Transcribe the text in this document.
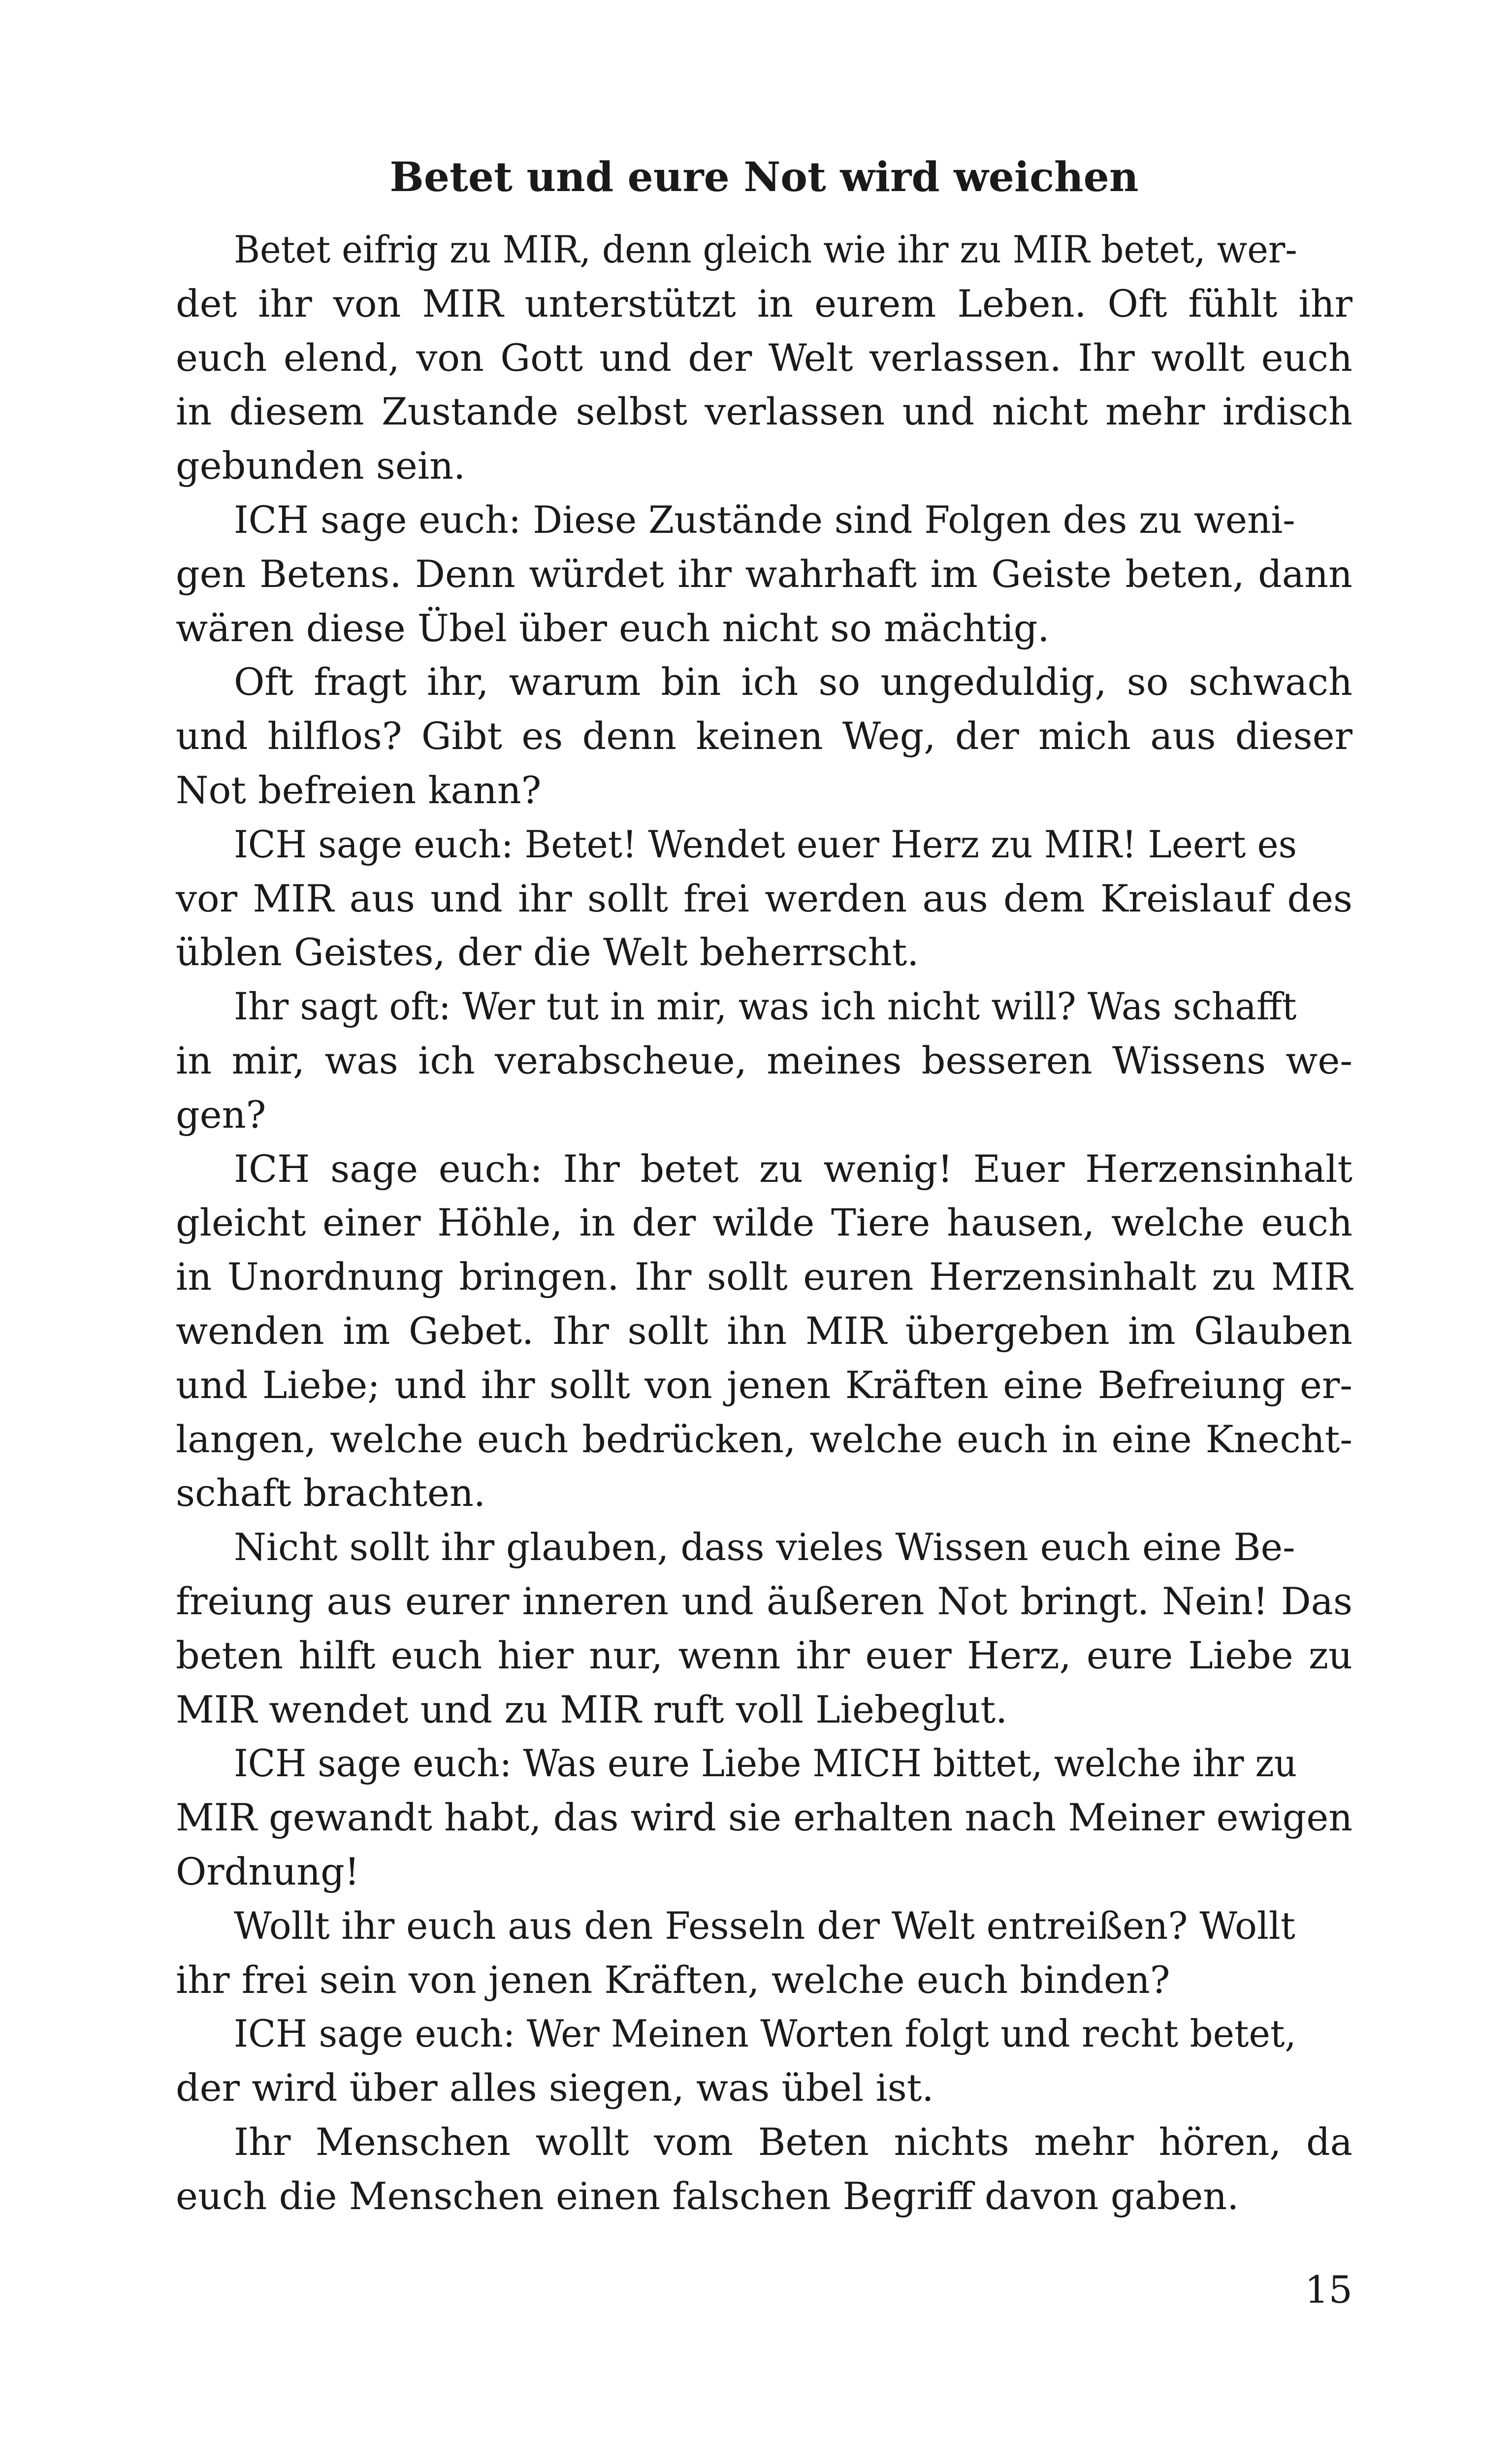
Betet und eure Not wird weichen
Betet eifrig zu MIR, denn gleich wie ihr zu MIR betet, wer-
det ihr von MIR unterstützt in eurem Leben. Oft fühlt ihr
euch elend, von Gott und der Welt verlassen. Ihr wollt euch
in diesem Zustande selbst verlassen und nicht mehr irdisch
gebunden sein.
ICH sage euch: Diese Zustände sind Folgen des zu weni-
gen Betens. Denn würdet ihr wahrhaft im Geiste beten, dann
wären diese Übel über euch nicht so mächtig.
Oft fragt ihr, warum bin ich so ungeduldig, so schwach
und hilflos? Gibt es denn keinen Weg, der mich aus dieser
Not befreien kann?
ICH sage euch: Betet! Wendet euer Herz zu MIR! Leert es
vor MIR aus und ihr sollt frei werden aus dem Kreislauf des
üblen Geistes, der die Welt beherrscht.
Ihr sagt oft: Wer tut in mir, was ich nicht will? Was schafft
in mir, was ich verabscheue, meines besseren Wissens we-
gen?
ICH sage euch: Ihr betet zu wenig! Euer Herzensinhalt
gleicht einer Höhle, in der wilde Tiere hausen, welche euch
in Unordnung bringen. Ihr sollt euren Herzensinhalt zu MIR
wenden im Gebet. Ihr sollt ihn MIR übergeben im Glauben
und Liebe; und ihr sollt von jenen Kräften eine Befreiung er-
langen, welche euch bedrücken, welche euch in eine Knecht-
schaft brachten.
Nicht sollt ihr glauben, dass vieles Wissen euch eine Be-
freiung aus eurer inneren und äußeren Not bringt. Nein! Das
beten hilft euch hier nur, wenn ihr euer Herz, eure Liebe zu
MIR wendet und zu MIR ruft voll Liebeglut.
ICH sage euch: Was eure Liebe MICH bittet, welche ihr zu
MIR gewandt habt, das wird sie erhalten nach Meiner ewigen
Ordnung!
Wollt ihr euch aus den Fesseln der Welt entreißen? Wollt
ihr frei sein von jenen Kräften, welche euch binden?
ICH sage euch: Wer Meinen Worten folgt und recht betet,
der wird über alles siegen, was übel ist.
Ihr Menschen wollt vom Beten nichts mehr hören, da
euch die Menschen einen falschen Begriff davon gaben.
15
